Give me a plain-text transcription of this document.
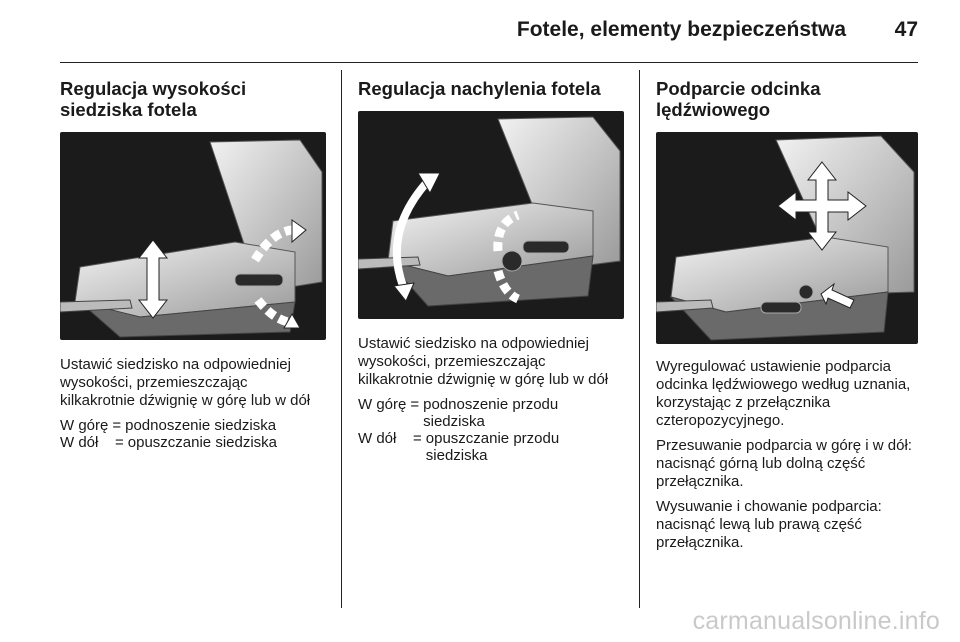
Fotele, elementy bezpieczeństwa 47
Regulacja wysokości siedziska fotela

Ustawić siedzisko na odpowiedniej wysokości, przemieszczając kilkakrotnie dźwignię w górę lub w dół

W górę = podnoszenie siedziska
W dół	= opuszczanie siedziska
Regulacja nachylenia fotela

Ustawić siedzisko na odpowiedniej wysokości, przemieszczając kilkakrotnie dźwignię w górę lub w dół

W górę = podnoszenie przodu siedziska
W dół	= opuszczanie przodu siedziska
Podparcie odcinka lędźwiowego

Wyregulować ustawienie podparcia odcinka lędźwiowego według uznania, korzystając z przełącznika czteropozycyjnego.

Przesuwanie podparcia w górę i w dół: nacisnąć górną lub dolną część przełącznika.

Wysuwanie i chowanie podparcia: nacisnąć lewą lub prawą część przełącznika.

carmanualsonline.info
